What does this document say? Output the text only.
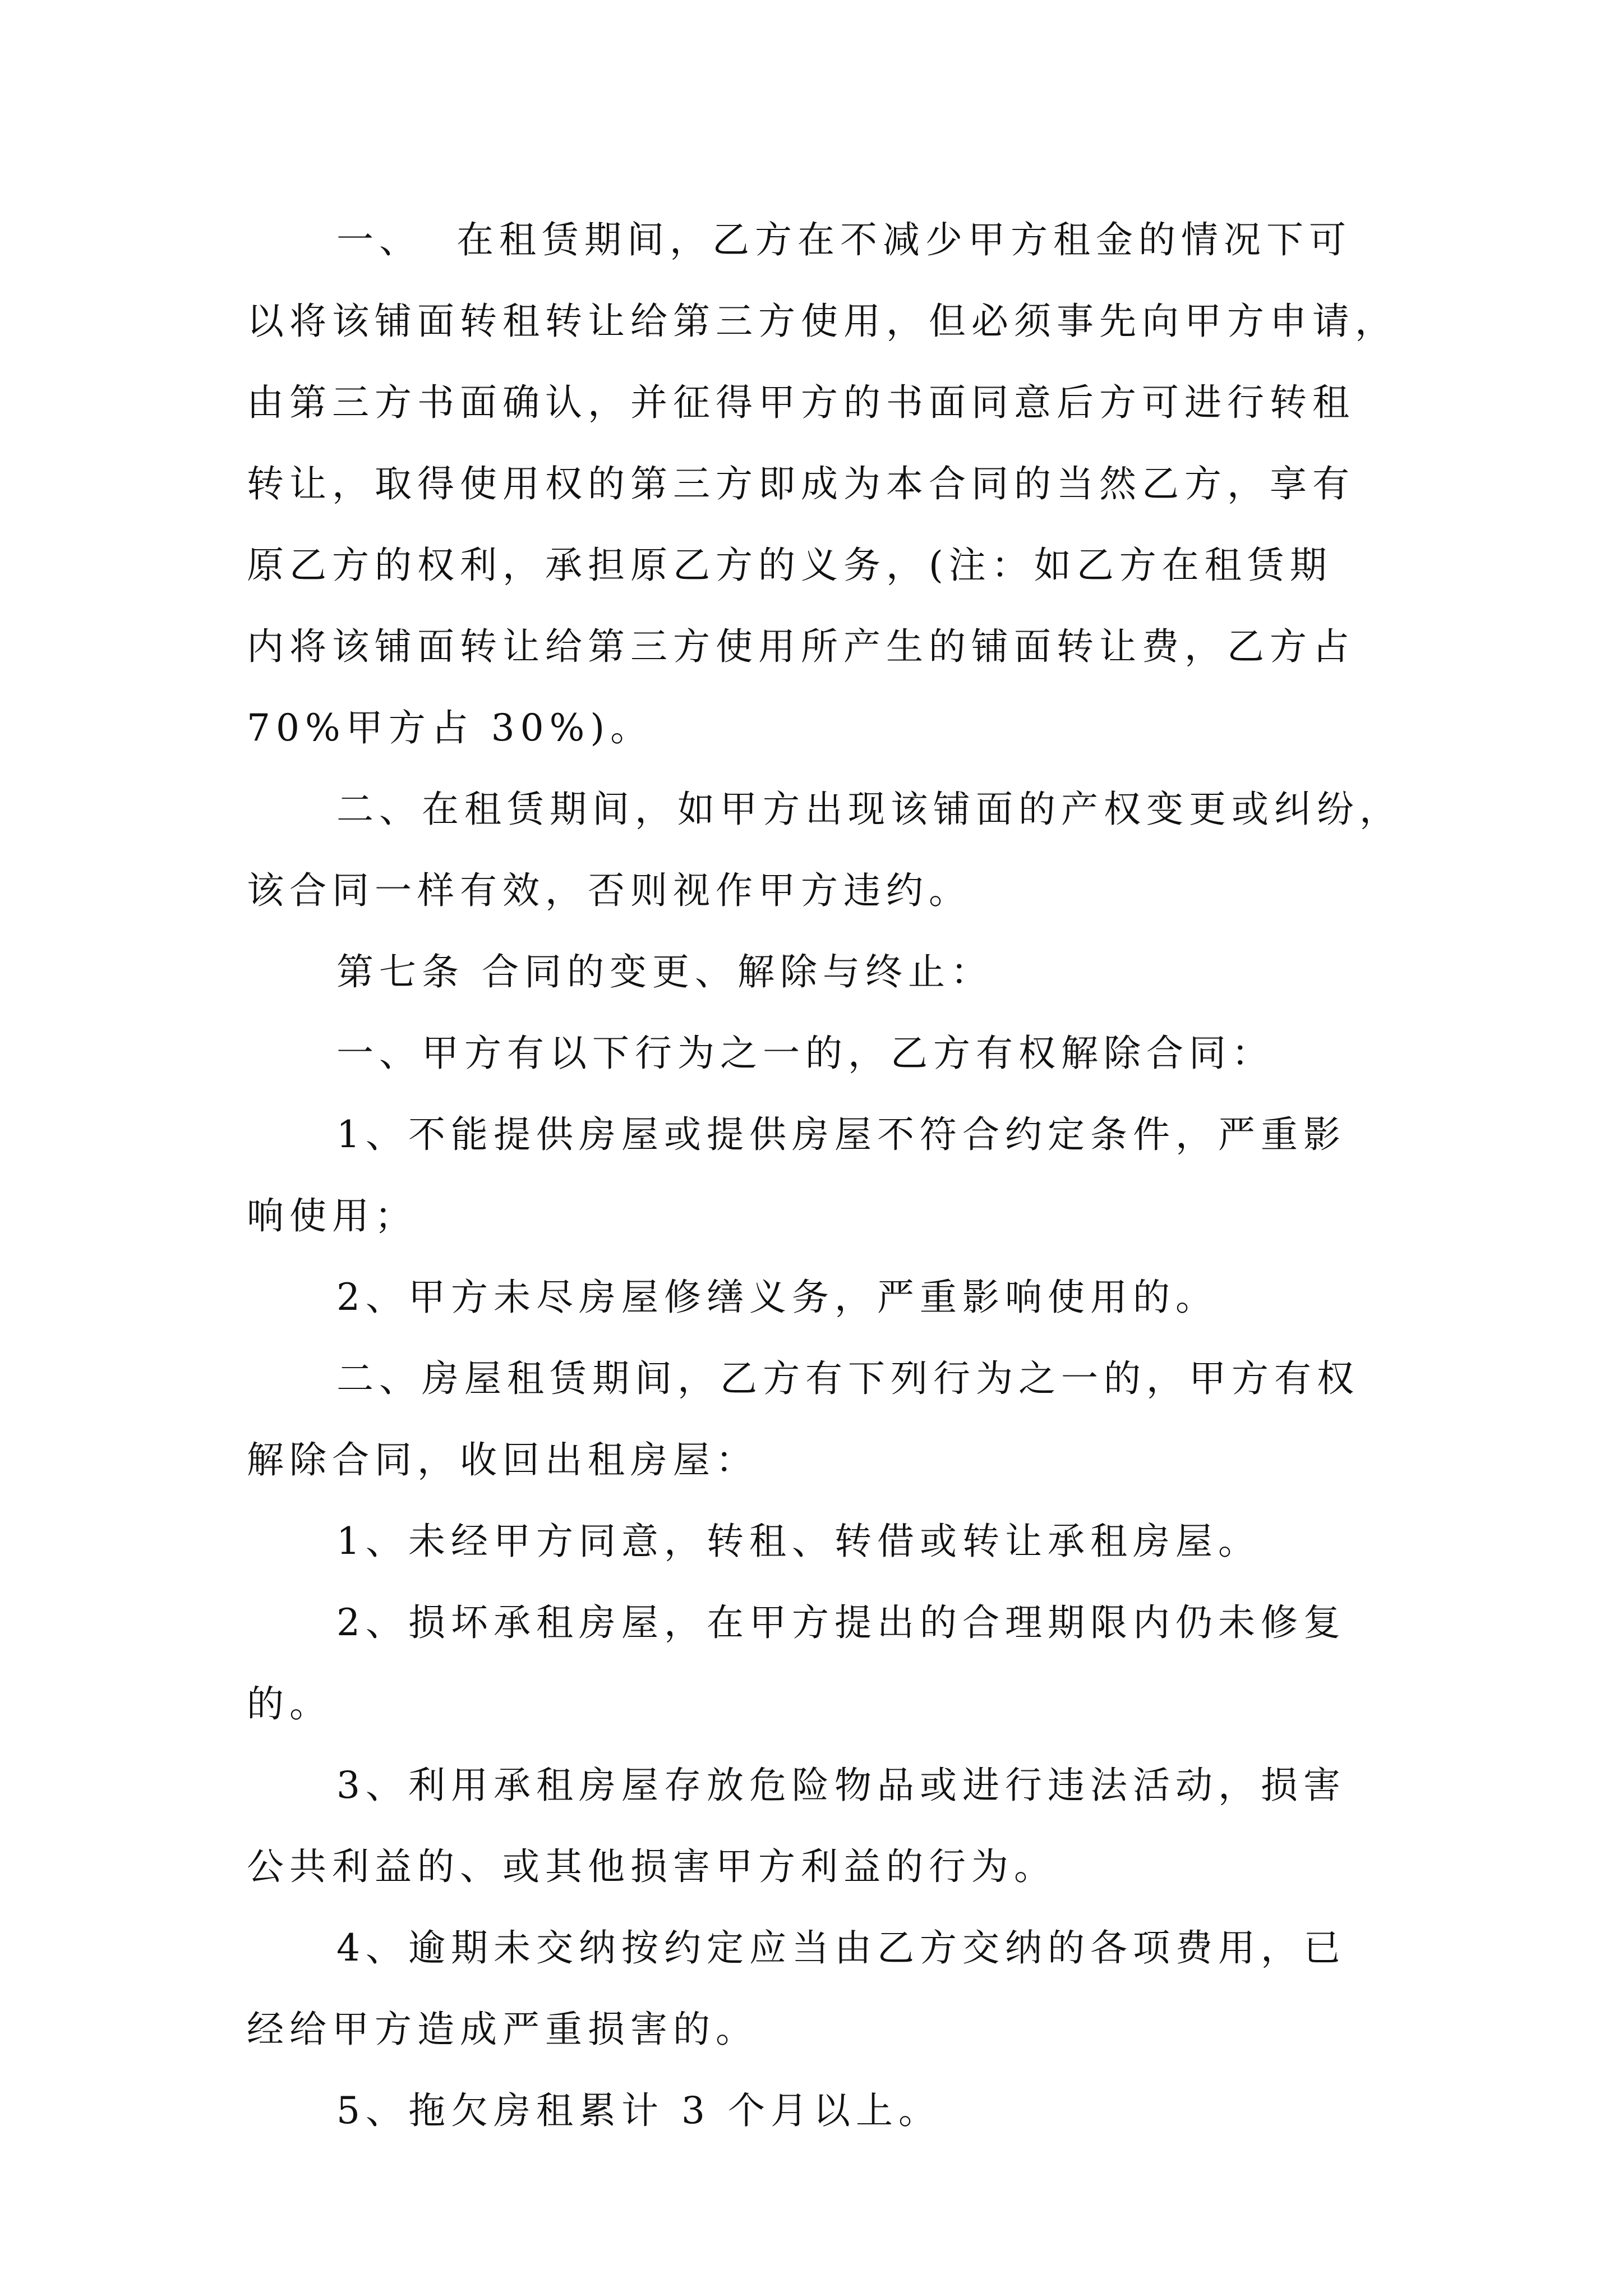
一、  在租赁期间，乙方在不减少甲方租金的情况下可
以将该铺面转租转让给第三方使用，但必须事先向甲方申请，
由第三方书面确认，并征得甲方的书面同意后方可进行转租
转让，取得使用权的第三方即成为本合同的当然乙方，享有
原乙方的权利，承担原乙方的义务，(注：如乙方在租赁期
内将该铺面转让给第三方使用所产生的铺面转让费，乙方占
70%甲方占 30%)。
二、在租赁期间，如甲方出现该铺面的产权变更或纠纷，
该合同一样有效，否则视作甲方违约。
第七条 合同的变更、解除与终止：
一、甲方有以下行为之一的，乙方有权解除合同：
1、不能提供房屋或提供房屋不符合约定条件，严重影
响使用；
2、甲方未尽房屋修缮义务，严重影响使用的。
二、房屋租赁期间，乙方有下列行为之一的，甲方有权
解除合同，收回出租房屋：
1、未经甲方同意，转租、转借或转让承租房屋。
2、损坏承租房屋，在甲方提出的合理期限内仍未修复
的。
3、利用承租房屋存放危险物品或进行违法活动，损害
公共利益的、或其他损害甲方利益的行为。
4、逾期未交纳按约定应当由乙方交纳的各项费用，已
经给甲方造成严重损害的。
5、拖欠房租累计 3 个月以上。
